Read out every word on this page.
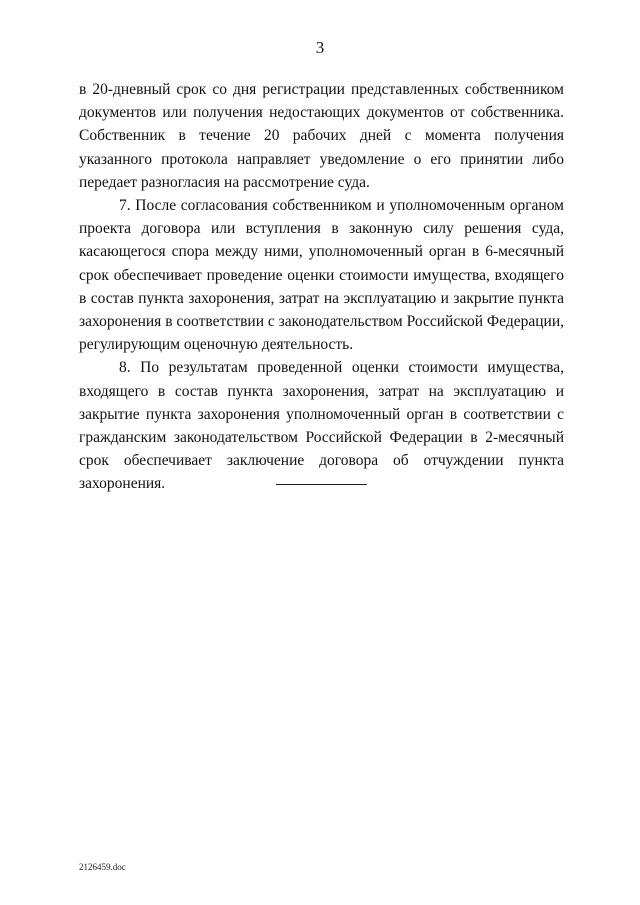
3

в 20-дневный срок со дня регистрации представленных собственником документов или получения недостающих документов от собственника. Собственник в течение 20 рабочих дней с момента получения указанного протокола направляет уведомление о его принятии либо передает разногласия на рассмотрение суда.

7. После согласования собственником и уполномоченным органом проекта договора или вступления в законную силу решения суда, касающегося спора между ними, уполномоченный орган в 6-месячный срок обеспечивает проведение оценки стоимости имущества, входящего в состав пункта захоронения, затрат на эксплуатацию и закрытие пункта захоронения в соответствии с законодательством Российской Федерации, регулирующим оценочную деятельность.

8. По результатам проведенной оценки стоимости имущества, входящего в состав пункта захоронения, затрат на эксплуатацию и закрытие пункта захоронения уполномоченный орган в соответствии с гражданским законодательством Российской Федерации в 2-месячный срок обеспечивает заключение договора об отчуждении пункта захоронения.

2126459.doc
